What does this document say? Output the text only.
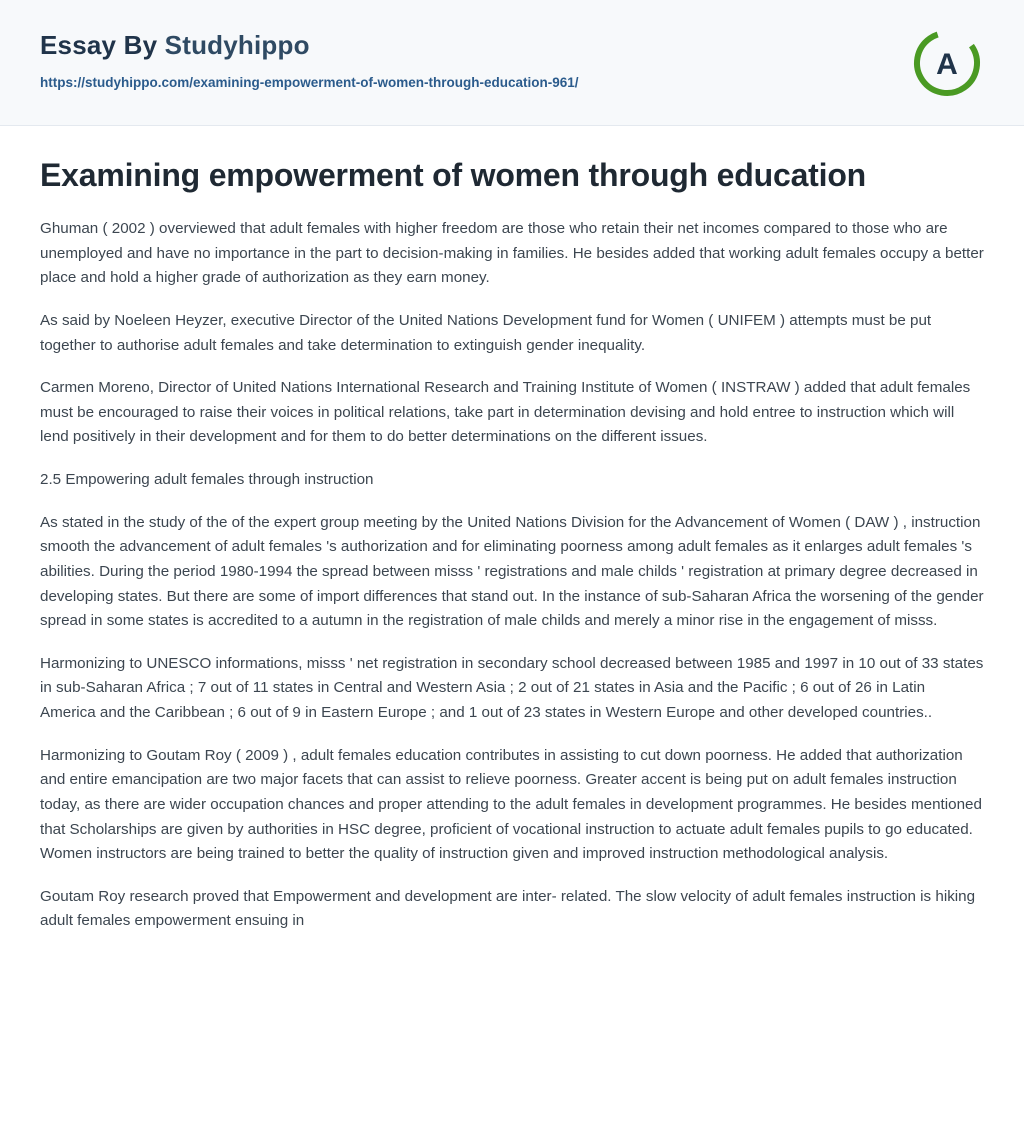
Essay By Studyhippo
https://studyhippo.com/examining-empowerment-of-women-through-education-961/
A
Examining empowerment of women through education

Ghuman ( 2002 ) overviewed that adult females with higher freedom are those who retain their net incomes compared to those who are unemployed and have no importance in the part to decision-making in families. He besides added that working adult females occupy a better place and hold a higher grade of authorization as they earn money.

As said by Noeleen Heyzer, executive Director of the United Nations Development fund for Women ( UNIFEM ) attempts must be put together to authorise adult females and take determination to extinguish gender inequality.

Carmen Moreno, Director of United Nations International Research and Training Institute of Women ( INSTRAW ) added that adult females must be encouraged to raise their voices in political relations, take part in determination devising and hold entree to instruction which will lend positively in their development and for them to do better determinations on the different issues.

2.5 Empowering adult females through instruction

As stated in the study of the of the expert group meeting by the United Nations Division for the Advancement of Women ( DAW ) , instruction smooth the advancement of adult females 's authorization and for eliminating poorness among adult females as it enlarges adult females 's abilities. During the period 1980-1994 the spread between misss ' registrations and male childs ' registration at primary degree decreased in developing states. But there are some of import differences that stand out. In the instance of sub-Saharan Africa the worsening of the gender spread in some states is accredited to a autumn in the registration of male childs and merely a minor rise in the engagement of misss.

Harmonizing to UNESCO informations, misss ' net registration in secondary school decreased between 1985 and 1997 in 10 out of 33 states in sub-Saharan Africa ; 7 out of 11 states in Central and Western Asia ; 2 out of 21 states in Asia and the Pacific ; 6 out of 26 in Latin America and the Caribbean ; 6 out of 9 in Eastern Europe ; and 1 out of 23 states in Western Europe and other developed countries..

Harmonizing to Goutam Roy ( 2009 ) , adult females education contributes in assisting to cut down poorness. He added that authorization and entire emancipation are two major facets that can assist to relieve poorness. Greater accent is being put on adult females instruction today, as there are wider occupation chances and proper attending to the adult females in development programmes. He besides mentioned that Scholarships are given by authorities in HSC degree, proficient of vocational instruction to actuate adult females pupils to go educated. Women instructors are being trained to better the quality of instruction given and improved instruction methodological analysis.

Goutam Roy research proved that Empowerment and development are inter- related. The slow velocity of adult females instruction is hiking adult females empowerment ensuing in
